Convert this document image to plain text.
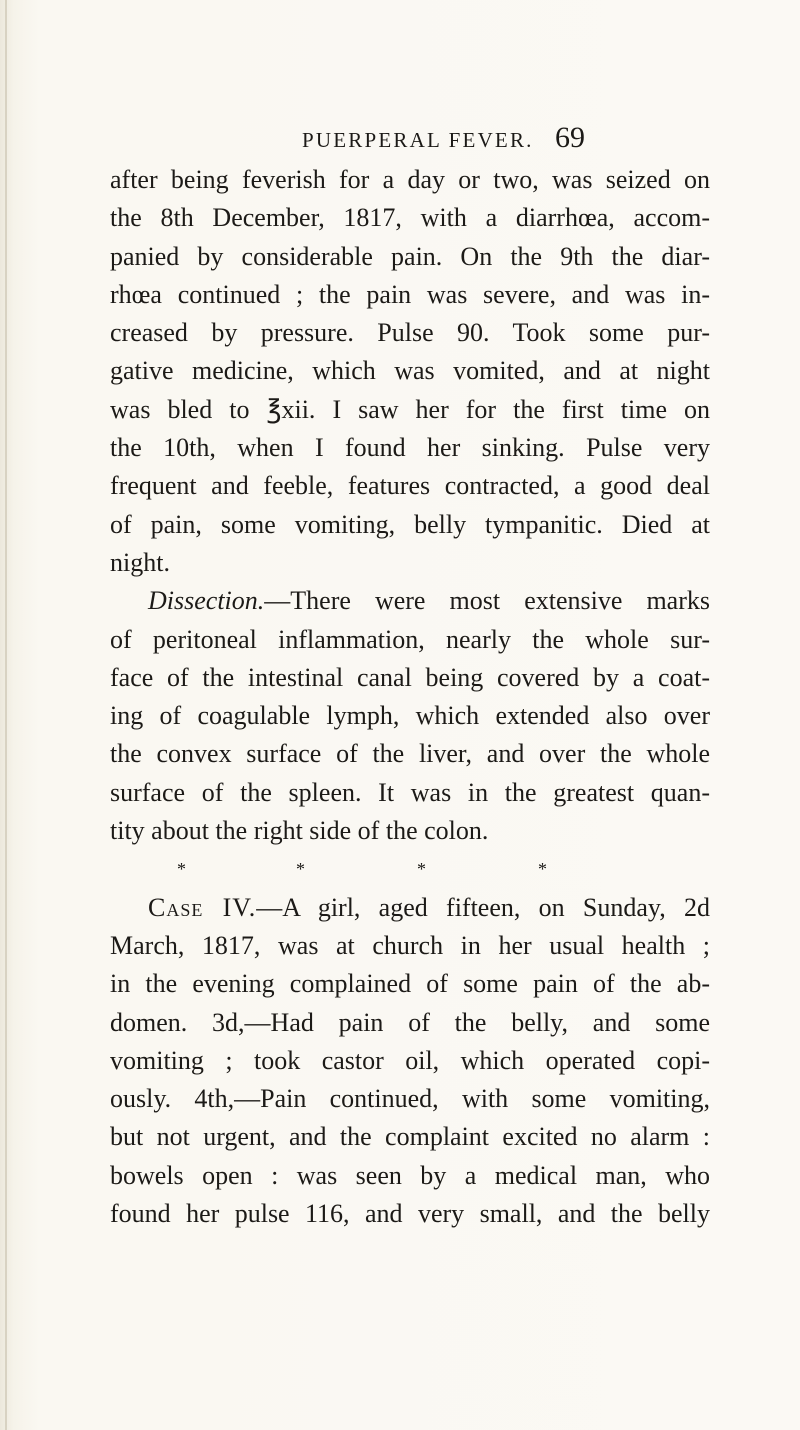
PUERPERAL FEVER. 69
after being feverish for a day or two, was seized on
the 8th December, 1817, with a diarrhœa, accom-
panied by considerable pain. On the 9th the diar-
rhœa continued ; the pain was severe, and was in-
creased by pressure. Pulse 90. Took some pur-
gative medicine, which was vomited, and at night
was bled to ℥xii. I saw her for the first time on
the 10th, when I found her sinking. Pulse very
frequent and feeble, features contracted, a good deal
of pain, some vomiting, belly tympanitic. Died at
night.
Dissection.—There were most extensive marks
of peritoneal inflammation, nearly the whole sur-
face of the intestinal canal being covered by a coat-
ing of coagulable lymph, which extended also over
the convex surface of the liver, and over the whole
surface of the spleen. It was in the greatest quan-
tity about the right side of the colon.
*	*	*	*
Case IV.—A girl, aged fifteen, on Sunday, 2d
March, 1817, was at church in her usual health ;
in the evening complained of some pain of the ab-
domen. 3d,—Had pain of the belly, and some
vomiting ; took castor oil, which operated copi-
ously. 4th,—Pain continued, with some vomiting,
but not urgent, and the complaint excited no alarm :
bowels open : was seen by a medical man, who
found her pulse 116, and very small, and the belly
